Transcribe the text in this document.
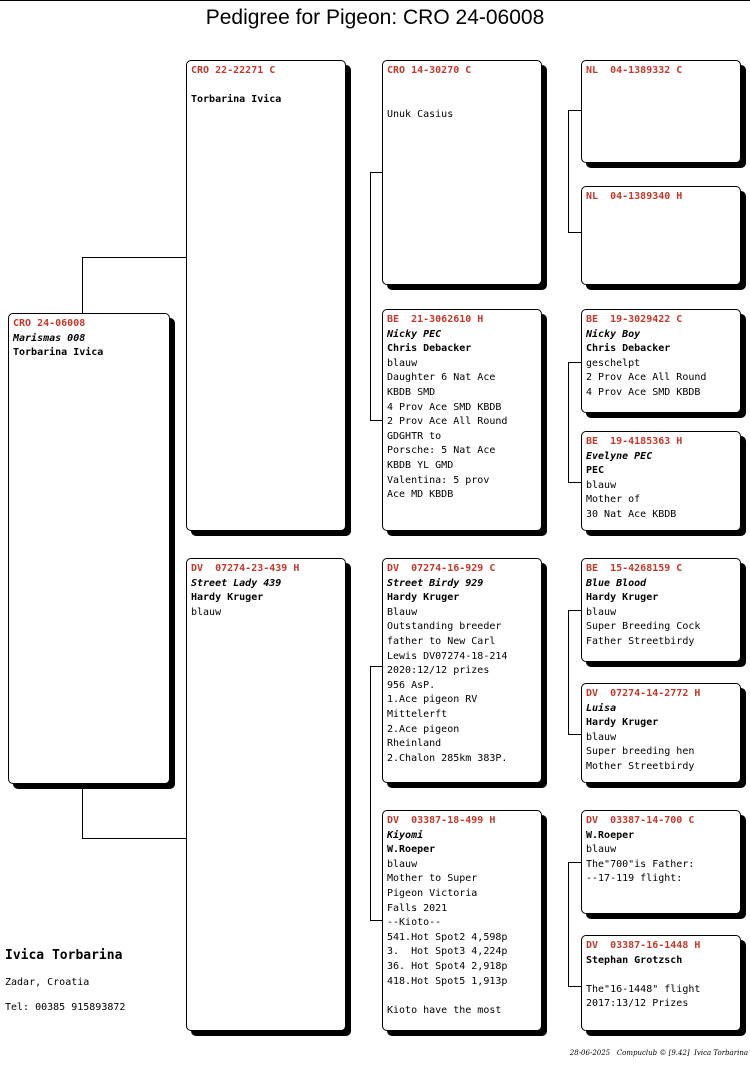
Pedigree for Pigeon: CRO 24-06008
CRO 24-06008
Marismas 008
Torbarina Ivica
CRO 22-22271 C
Torbarina Ivica
DV  07274-23-439 H
Street Lady 439
Hardy Kruger
blauw
CRO 14-30270 C
Unuk Casius
BE  21-3062610 H
Nicky PEC
Chris Debacker
blauw
Daughter 6 Nat Ace
KBDB SMD
4 Prov Ace SMD KBDB
2 Prov Ace All Round
GDGHTR to
Porsche: 5 Nat Ace
KBDB YL GMD
Valentina: 5 prov
Ace MD KBDB
DV  07274-16-929 C
Street Birdy 929
Hardy Kruger
Blauw
Outstanding breeder
father to New Carl
Lewis DV07274-18-214
2020:12/12 prizes
956 AsP.
1.Ace pigeon RV
Mittelerft
2.Ace pigeon
Rheinland
2.Chalon 285km 383P.
DV  03387-18-499 H
Kiyomi
W.Roeper
blauw
Mother to Super
Pigeon Victoria
Falls 2021
--Kioto--
541.Hot Spot2 4,598p
3.  Hot Spot3 4,224p
36. Hot Spot4 2,918p
418.Hot Spot5 1,913p
Kioto have the most
NL  04-1389332 C
NL  04-1389340 H
BE  19-3029422 C
Nicky Boy
Chris Debacker
geschelpt
2 Prov Ace All Round
4 Prov Ace SMD KBDB
BE  19-4185363 H
Evelyne PEC
PEC
blauw
Mother of
30 Nat Ace KBDB
BE  15-4268159 C
Blue Blood
Hardy Kruger
blauw
Super Breeding Cock
Father Streetbirdy
DV  07274-14-2772 H
Luisa
Hardy Kruger
blauw
Super breeding hen
Mother Streetbirdy
DV  03387-14-700 C
W.Roeper
blauw
The"700"is Father:
--17-119 flight:
DV  03387-16-1448 H
Stephan Grotzsch
The"16-1448" flight
2017:13/12 Prizes
Ivica Torbarina
Zadar, Croatia
Tel: 00385 915893872
28-06-2025   Compuclub © [9.42]  Ivica Torbarina
